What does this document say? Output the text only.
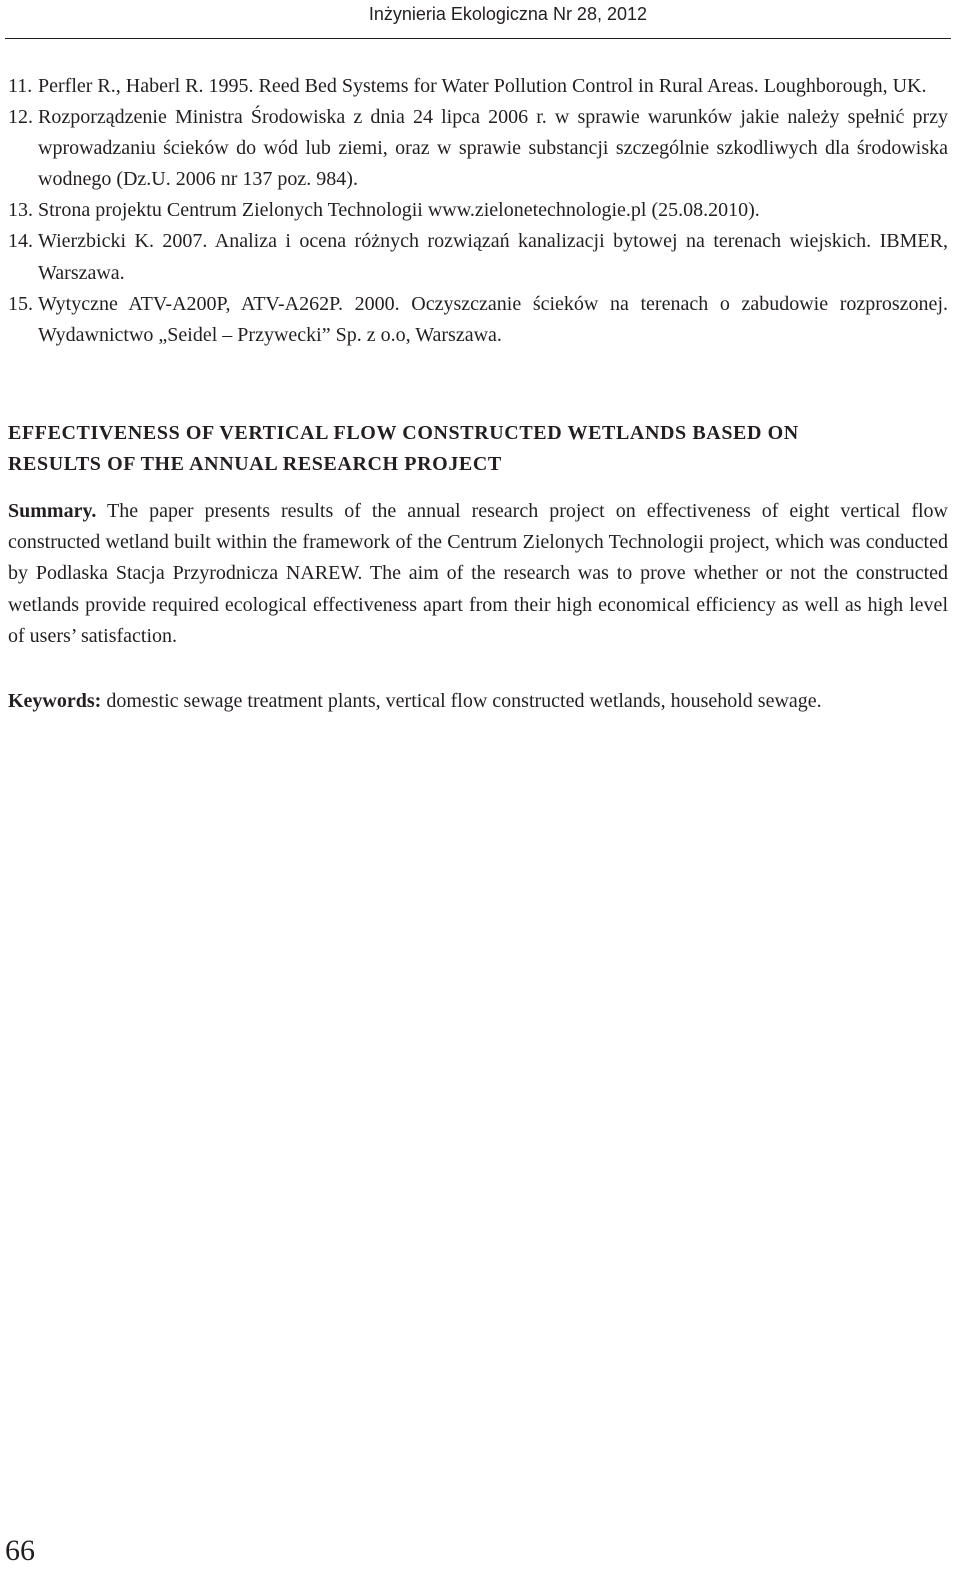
Inżynieria Ekologiczna Nr 28, 2012
11. Perfler R., Haberl R. 1995. Reed Bed Systems for Water Pollution Control in Rural Areas. Loughborough, UK.
12. Rozporządzenie Ministra Środowiska z dnia 24 lipca 2006 r. w sprawie warunków jakie należy spełnić przy wprowadzaniu ścieków do wód lub ziemi, oraz w sprawie substancji szczególnie szkodliwych dla środowiska wodnego (Dz.U. 2006 nr 137 poz. 984).
13. Strona projektu Centrum Zielonych Technologii www.zielonetechnologie.pl (25.08.2010).
14. Wierzbicki K. 2007. Analiza i ocena różnych rozwiązań kanalizacji bytowej na terenach wiejskich. IBMER, Warszawa.
15. Wytyczne ATV-A200P, ATV-A262P. 2000. Oczyszczanie ścieków na terenach o zabudowie rozproszonej. Wydawnictwo „Seidel – Przywecki” Sp. z o.o, Warszawa.
EFFECTIVENESS OF VERTICAL FLOW CONSTRUCTED WETLANDS BASED ON
RESULTS OF THE ANNUAL RESEARCH PROJECT

Summary. The paper presents results of the annual research project on effectiveness of eight vertical flow constructed wetland built within the framework of the Centrum Zielonych Technologii project, which was conducted by Podlaska Stacja Przyrodnicza NAREW. The aim of the research was to prove whether or not the constructed wetlands provide required ecological effectiveness apart from their high economical efficiency as well as high level of users’ satisfaction.

Keywords: domestic sewage treatment plants, vertical flow constructed wetlands, household sewage.

66
